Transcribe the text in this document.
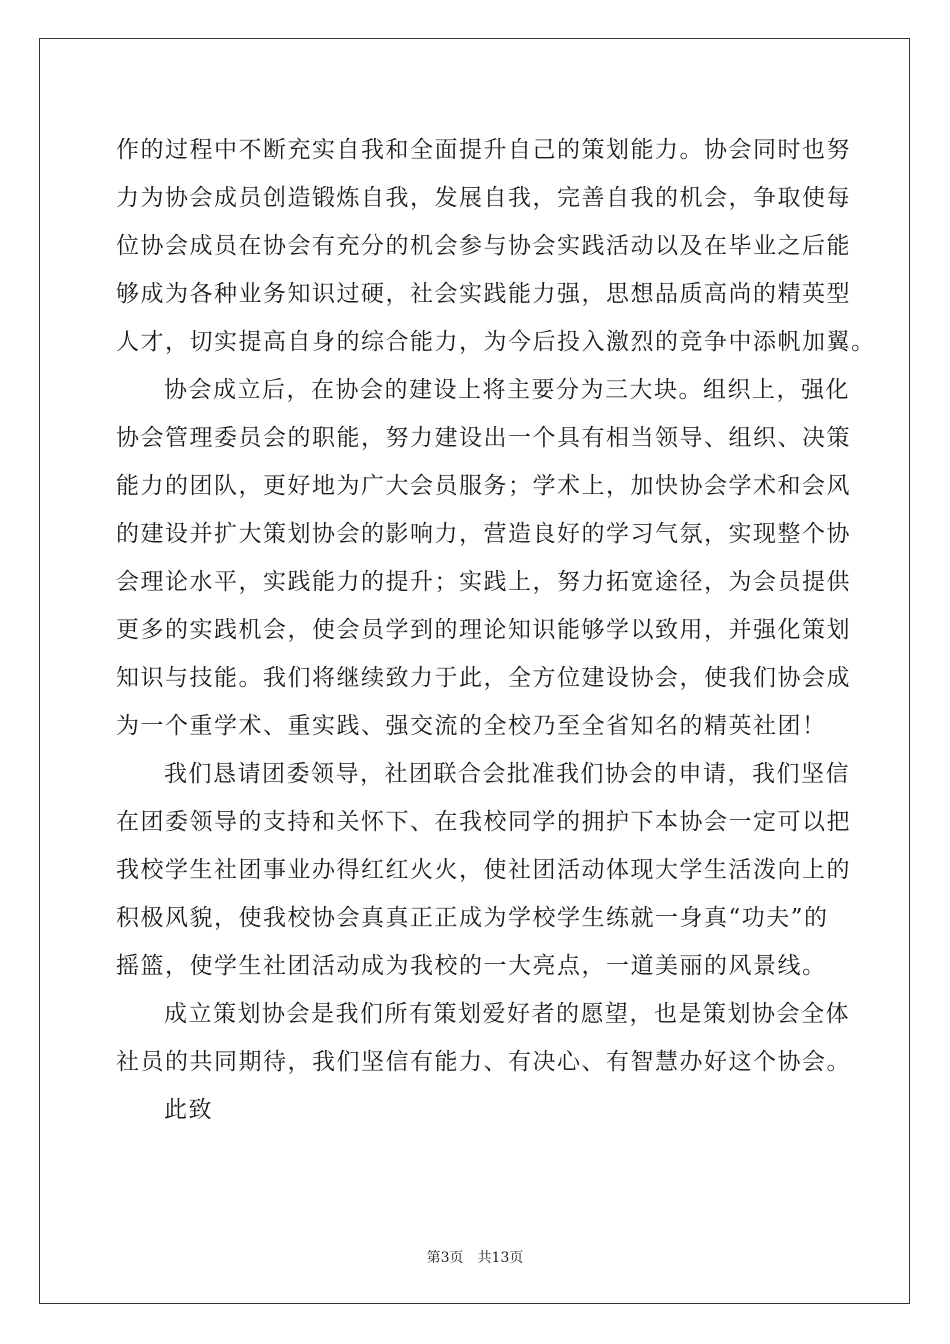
作的过程中不断充实自我和全面提升自己的策划能力。协会同时也努
力为协会成员创造锻炼自我，发展自我，完善自我的机会，争取使每
位协会成员在协会有充分的机会参与协会实践活动以及在毕业之后能
够成为各种业务知识过硬，社会实践能力强，思想品质高尚的精英型
人才，切实提高自身的综合能力，为今后投入激烈的竞争中添帆加翼。
协会成立后，在协会的建设上将主要分为三大块。组织上，强化
协会管理委员会的职能，努力建设出一个具有相当领导、组织、决策
能力的团队，更好地为广大会员服务；学术上，加快协会学术和会风
的建设并扩大策划协会的影响力，营造良好的学习气氛，实现整个协
会理论水平，实践能力的提升；实践上，努力拓宽途径，为会员提供
更多的实践机会，使会员学到的理论知识能够学以致用，并强化策划
知识与技能。我们将继续致力于此，全方位建设协会，使我们协会成
为一个重学术、重实践、强交流的全校乃至全省知名的精英社团！
我们恳请团委领导，社团联合会批准我们协会的申请，我们坚信
在团委领导的支持和关怀下、在我校同学的拥护下本协会一定可以把
我校学生社团事业办得红红火火，使社团活动体现大学生活泼向上的
积极风貌，使我校协会真真正正成为学校学生练就一身真“功夫”的
摇篮，使学生社团活动成为我校的一大亮点，一道美丽的风景线。
成立策划协会是我们所有策划爱好者的愿望，也是策划协会全体
社员的共同期待，我们坚信有能力、有决心、有智慧办好这个协会。
此致
第3页 共13页
